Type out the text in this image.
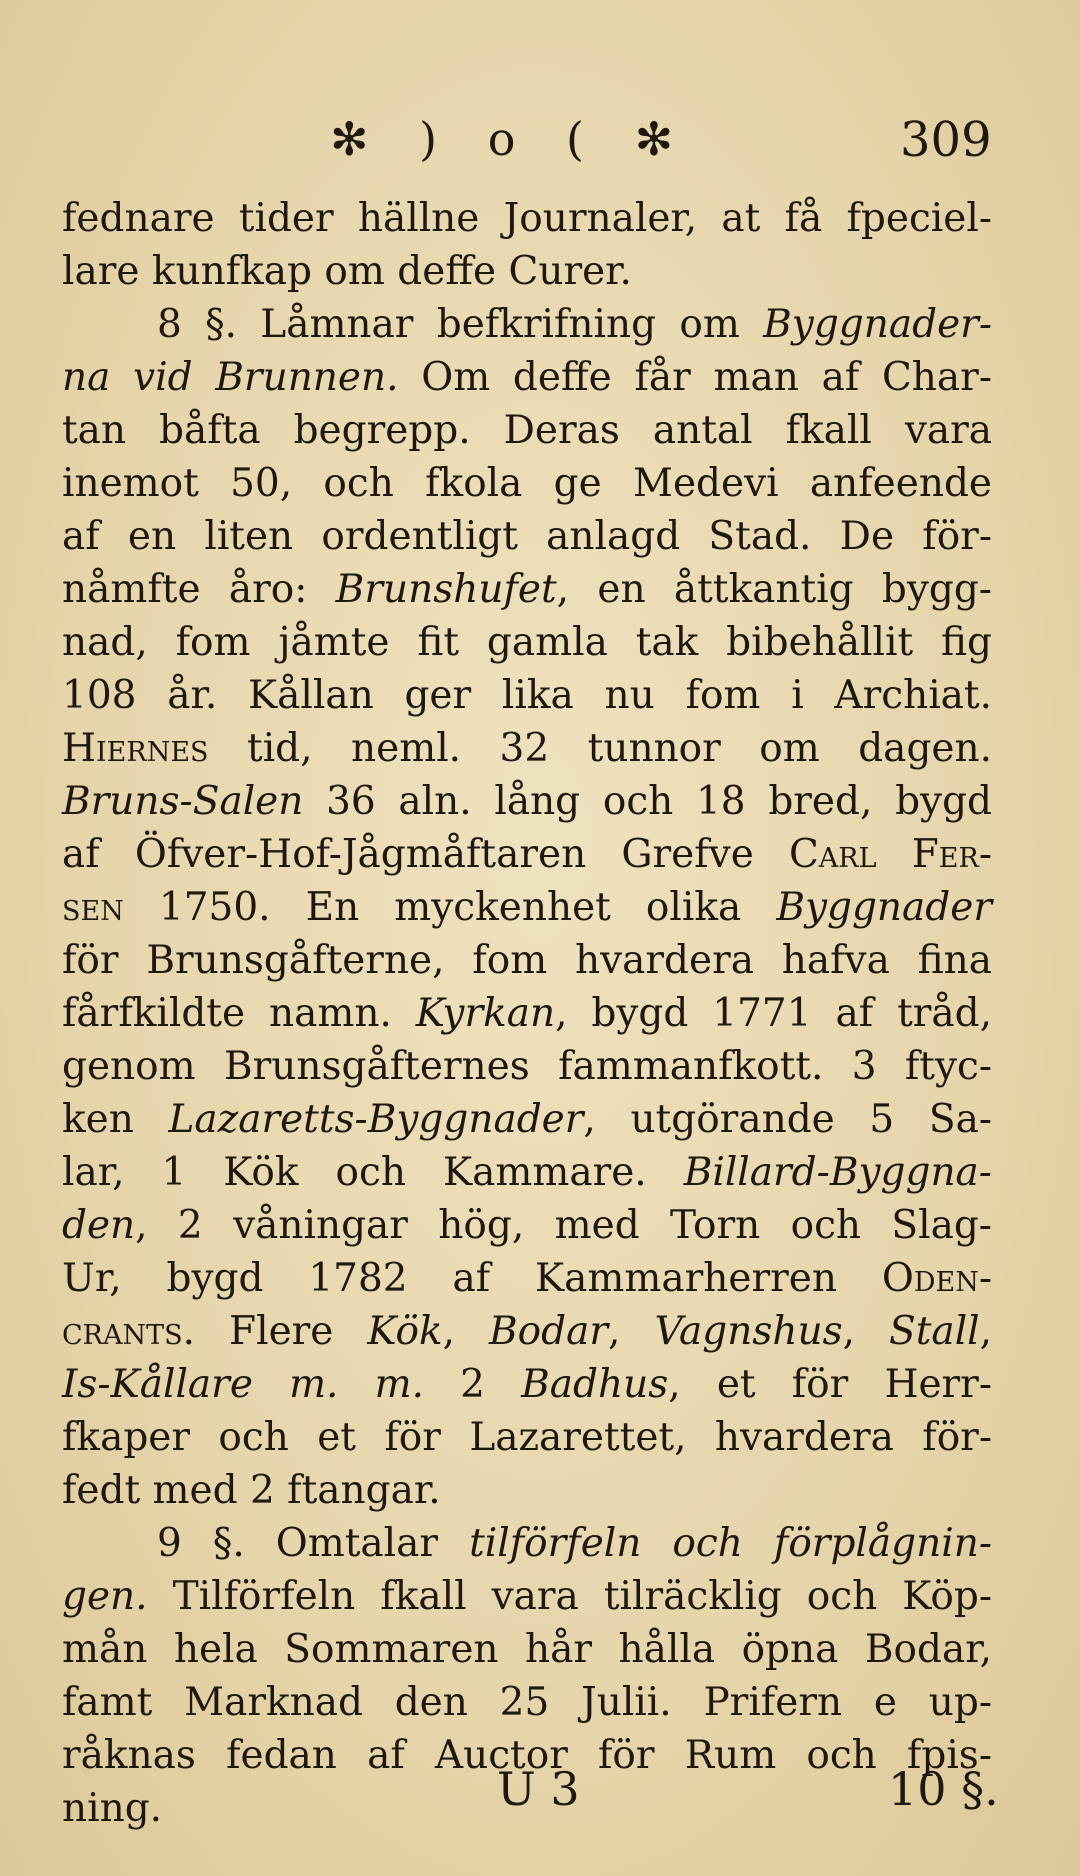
✻ ) o ( ✻	309
fednare tider hällne Journaler, at få fpeciel-
lare kunfkap om deffe Curer.
8 §. Låmnar befkrifning om Byggnader-
na vid Brunnen. Om deffe får man af Char-
tan båfta begrepp. Deras antal fkall vara
inemot 50, och fkola ge Medevi anfeende
af en liten ordentligt anlagd Stad. De för-
nåmfte åro: Brunshufet, en åttkantig bygg-
nad, fom jåmte fit gamla tak bibehållit fig
108 år. Kållan ger lika nu fom i Archiat.
Hiernes tid, neml. 32 tunnor om dagen.
Bruns-Salen 36 aln. lång och 18 bred, bygd
af Öfver-Hof-Jågmåftaren Grefve Carl Fer-
sen 1750. En myckenhet olika Byggnader
för Brunsgåfterne, fom hvardera hafva fina
fårfkildte namn. Kyrkan, bygd 1771 af tråd,
genom Brunsgåfternes fammanfkott. 3 ftyc-
ken Lazaretts-Byggnader, utgörande 5 Sa-
lar, 1 Kök och Kammare. Billard-Byggna-
den, 2 våningar hög, med Torn och Slag-
Ur, bygd 1782 af Kammarherren Oden-
crants. Flere Kök, Bodar, Vagnshus, Stall,
Is-Kållare m. m. 2 Badhus, et för Herr-
fkaper och et för Lazarettet, hvardera för-
fedt med 2 ftangar.
9 §. Omtalar tilförfeln och förplågnin-
gen. Tilförfeln fkall vara tilräcklig och Köp-
mån hela Sommaren hår hålla öpna Bodar,
famt Marknad den 25 Julii. Prifern e up-
råknas fedan af Auctor för Rum och fpis-
ning.	U 3	10 §.
